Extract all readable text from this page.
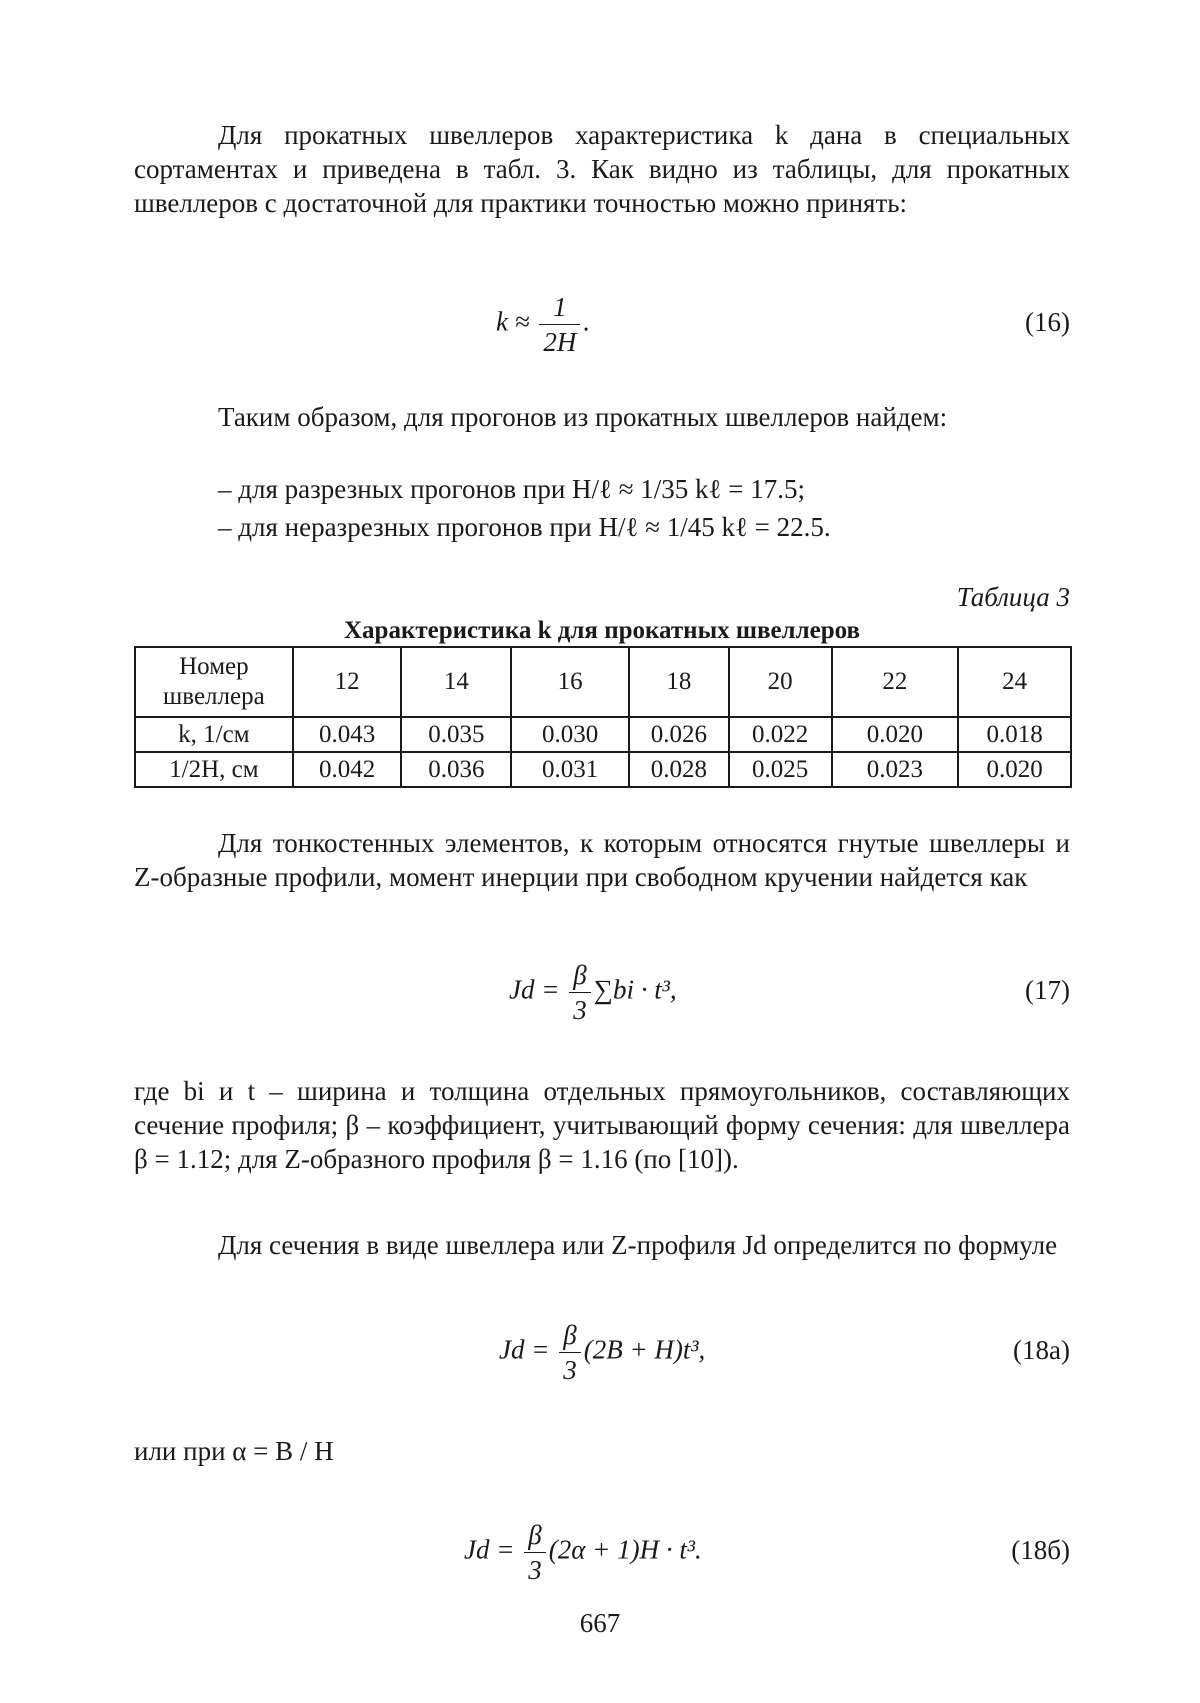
Для прокатных швеллеров характеристика k дана в специальных сортаментах и приведена в табл. 3. Как видно из таблицы, для прокатных швеллеров с достаточной для практики точностью можно принять:

$k \approx \frac{1}{2H}$ .	(16)

Таким образом, для прогонов из прокатных швеллеров найдем:

– для разрезных прогонов при H/ℓ ≈ 1/35 kℓ = 17.5;

– для неразрезных прогонов при H/ℓ ≈ 1/45 kℓ = 22.5.

Таблица 3
Характеристика k для прокатных швеллеров
Номер швеллера	12	14	16	18	20	22	24
k, 1/см	0.043	0.035	0.030	0.026	0.022	0.020	0.018
1/2H, см	0.042	0.036	0.031	0.028	0.025	0.023	0.020

Для тонкостенных элементов, к которым относятся гнутые швеллеры и Z-образные профили, момент инерции при свободном кручении найдется как

$Jd = \frac{\beta}{3} \sum bi \cdot t^3$,	(17)

где bi и t – ширина и толщина отдельных прямоугольников, составляющих сечение профиля; β – коэффициент, учитывающий форму сечения: для швеллера β = 1.12; для Z-образного профиля β = 1.16 (по [10]).

Для сечения в виде швеллера или Z-профиля Jd определится по формуле

$Jd = \frac{\beta}{3} (2B + H)t^3$,	(18а)

или при α = B / H

$Jd = \frac{\beta}{3} (2\alpha + 1)H \cdot t^3$.	(18б)
667
